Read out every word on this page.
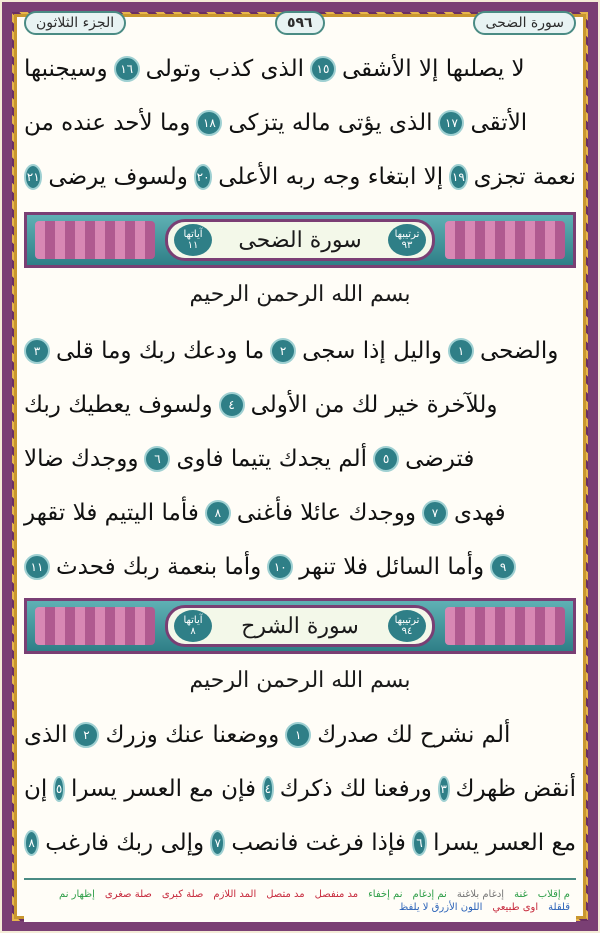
الجزء الثلاثون	٥٩٦	سورة الضحى
لا يصلىها إلا الأشقى
١٥
الذى كذب وتولى
١٦
وسيجنبها
الأتقى
١٧
الذى يؤتى ماله يتزكى
١٨
وما لأحد عنده من
نعمة تجزى
١٩
إلا ابتغاء وجه ربه الأعلى
٢٠
ولسوف يرضى
٢١
آياتها
١١	سورة الضحى	ترتيبها
٩٣
بسم الله الرحمن الرحيم
والضحى
١
واليل إذا سجى
٢
ما ودعك ربك وما قلى
٣
وللآخرة خير لك من الأولى
٤
ولسوف يعطيك ربك
فترضى
٥
ألم يجدك يتيما فاوى
٦
ووجدك ضالا
فهدى
٧
ووجدك عائلا فأغنى
٨
فأما اليتيم فلا تقهر
٩
وأما السائل فلا تنهر
١٠
وأما بنعمة ربك فحدث
١١
آياتها
٨	سورة الشرح	ترتيبها
٩٤
بسم الله الرحمن الرحيم
ألم نشرح لك صدرك
١
ووضعنا عنك وزرك
٢
الذى
أنقض ظهرك
٣
ورفعنا لك ذكرك
٤
فإن مع العسر يسرا
٥
إن
مع العسر يسرا
٦
فإذا فرغت فانصب
٧
وإلى ربك فارغب
٨
م إقلاب
غنة
إدغام بلاغنة
نم إدغام
نم إخفاء
مد منفصل
مد متصل
المد اللازم
صلة كبرى
صلة صغرى
إظهار نم
قلقلة
اوى طبيعي
اللون الأزرق لا يلفظ
